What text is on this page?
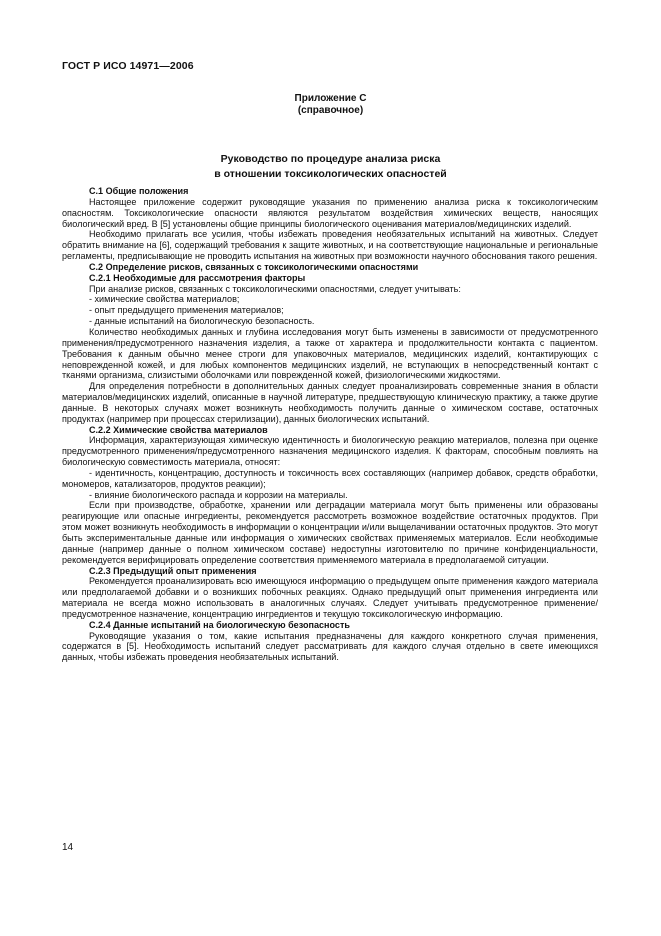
ГОСТ Р ИСО 14971—2006
Приложение С
(справочное)
Руководство по процедуре анализа риска
в отношении токсикологических опасностей

С.1 Общие положения

Настоящее приложение содержит руководящие указания по применению анализа риска к токсикологическим опасностям. Токсикологические опасности являются результатом воздействия химических веществ, наносящих биологический вред. В [5] установлены общие принципы биологического оценивания материалов/медицинских изделий.

Необходимо прилагать все усилия, чтобы избежать проведения необязательных испытаний на животных. Следует обратить внимание на [6], содержащий требования к защите животных, и на соответствующие национальные и региональные регламенты, предписывающие не проводить испытания на животных при возможности научного обоснования такого решения.

С.2 Определение рисков, связанных с токсикологическими опасностями

С.2.1 Необходимые для рассмотрения факторы

При анализе рисков, связанных с токсикологическими опасностями, следует учитывать:

- химические свойства материалов;

- опыт предыдущего применения материалов;

- данные испытаний на биологическую безопасность.

Количество необходимых данных и глубина исследования могут быть изменены в зависимости от предусмотренного применения/предусмотренного назначения изделия, а также от характера и продолжительности контакта с пациентом. Требования к данным обычно менее строги для упаковочных материалов, медицинских изделий, контактирующих с неповрежденной кожей, и для любых компонентов медицинских изделий, не вступающих в непосредственный контакт с тканями организма, слизистыми оболочками или поврежденной кожей, физиологическими жидкостями.

Для определения потребности в дополнительных данных следует проанализировать современные знания в области материалов/медицинских изделий, описанные в научной литературе, предшествующую клиническую практику, а также другие данные. В некоторых случаях может возникнуть необходимость получить данные о химическом составе, остаточных продуктах (например при процессах стерилизации), данных биологических испытаний.

С.2.2 Химические свойства материалов

Информация, характеризующая химическую идентичность и биологическую реакцию материалов, полезна при оценке предусмотренного применения/предусмотренного назначения медицинского изделия. К факторам, способным повлиять на биологическую совместимость материала, относят:

- идентичность, концентрацию, доступность и токсичность всех составляющих (например добавок, средств обработки, мономеров, катализаторов, продуктов реакции);

- влияние биологического распада и коррозии на материалы.

Если при производстве, обработке, хранении или деградации материала могут быть применены или образованы реагирующие или опасные ингредиенты, рекомендуется рассмотреть возможное воздействие остаточных продуктов. При этом может возникнуть необходимость в информации о концентрации и/или выщелачивании остаточных продуктов. Это могут быть экспериментальные данные или информация о химических свойствах применяемых материалов. Если необходимые данные (например данные о полном химическом составе) недоступны изготовителю по причине конфиденциальности, рекомендуется верифицировать определение соответствия применяемого материала в предполагаемой ситуации.

С.2.3 Предыдущий опыт применения

Рекомендуется проанализировать всю имеющуюся информацию о предыдущем опыте применения каждого материала или предполагаемой добавки и о возникших побочных реакциях. Однако предыдущий опыт применения ингредиента или материала не всегда можно использовать в аналогичных случаях. Следует учитывать предусмотренное применение/предусмотренное назначение, концентрацию ингредиентов и текущую токсикологическую информацию.

С.2.4 Данные испытаний на биологическую безопасность

Руководящие указания о том, какие испытания предназначены для каждого конкретного случая применения, содержатся в [5]. Необходимость испытаний следует рассматривать для каждого случая отдельно в свете имеющихся данных, чтобы избежать проведения необязательных испытаний.

14
